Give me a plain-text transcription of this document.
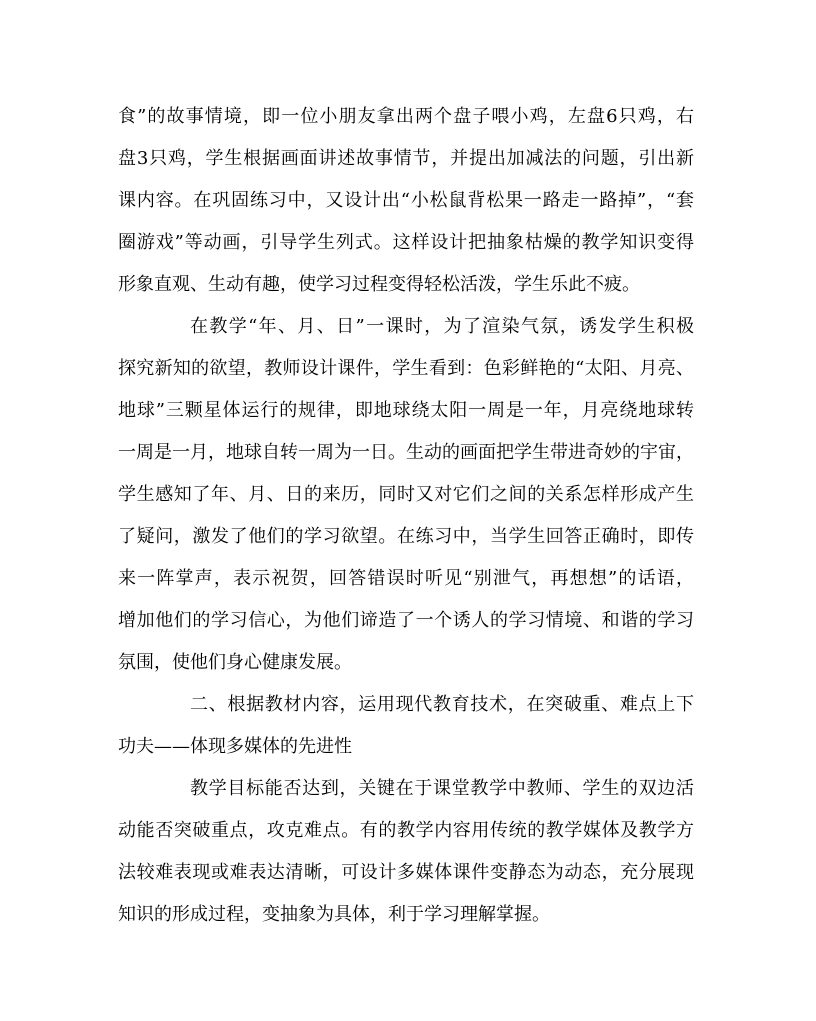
食”的故事情境，即一位小朋友拿出两个盘子喂小鸡，左盘6只鸡，右
盘3只鸡，学生根据画面讲述故事情节，并提出加减法的问题，引出新
课内容。在巩固练习中，又设计出“小松鼠背松果一路走一路掉”，“套
圈游戏”等动画，引导学生列式。这样设计把抽象枯燥的教学知识变得
形象直观、生动有趣，使学习过程变得轻松活泼，学生乐此不疲。
在教学“年、月、日”一课时，为了渲染气氛，诱发学生积极
探究新知的欲望，教师设计课件，学生看到：色彩鲜艳的“太阳、月亮、
地球”三颗星体运行的规律，即地球绕太阳一周是一年，月亮绕地球转
一周是一月，地球自转一周为一日。生动的画面把学生带进奇妙的宇宙，
学生感知了年、月、日的来历，同时又对它们之间的关系怎样形成产生
了疑问，激发了他们的学习欲望。在练习中，当学生回答正确时，即传
来一阵掌声，表示祝贺，回答错误时听见“别泄气，再想想”的话语，
增加他们的学习信心，为他们谛造了一个诱人的学习情境、和谐的学习
氛围，使他们身心健康发展。
二、根据教材内容，运用现代教育技术，在突破重、难点上下
功夫——体现多媒体的先进性
教学目标能否达到，关键在于课堂教学中教师、学生的双边活
动能否突破重点，攻克难点。有的教学内容用传统的教学媒体及教学方
法较难表现或难表达清晰，可设计多媒体课件变静态为动态，充分展现
知识的形成过程，变抽象为具体，利于学习理解掌握。
